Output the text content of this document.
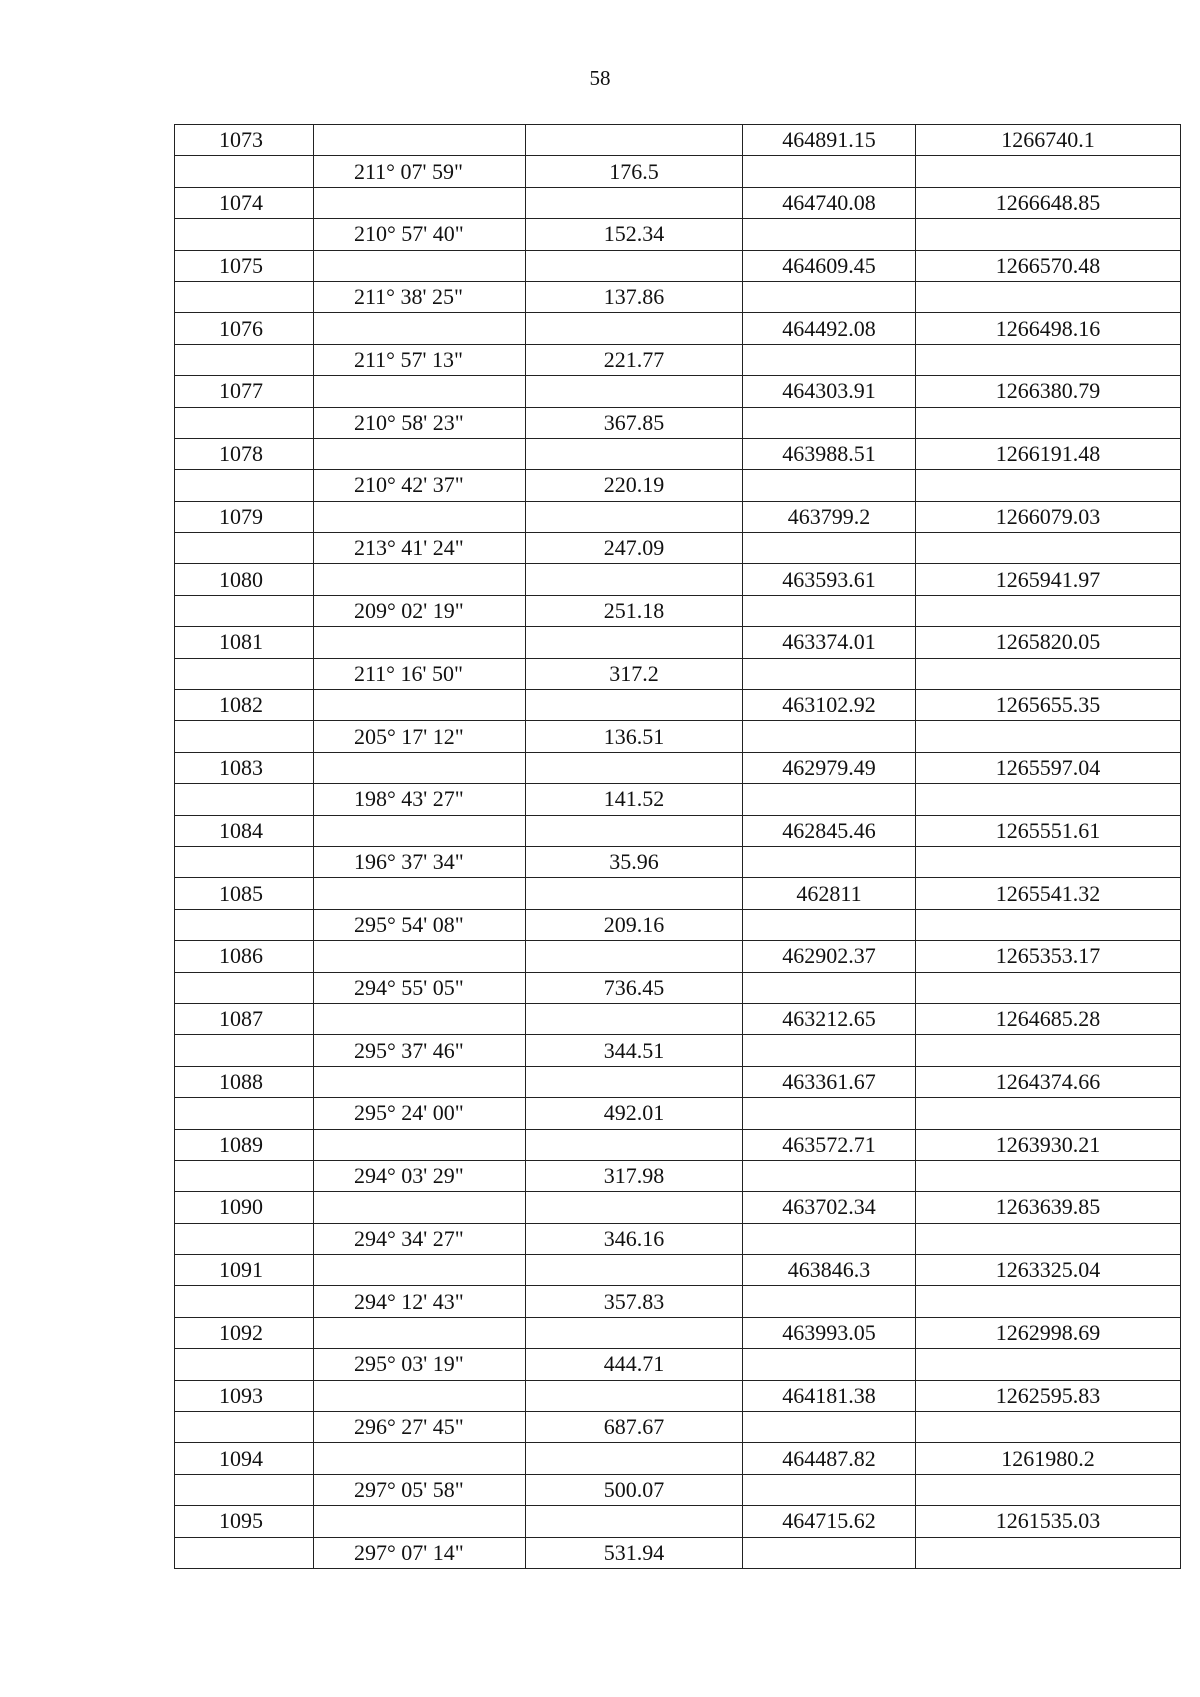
58
1073			464891.15	1266740.1
	211° 07' 59"	176.5		
1074			464740.08	1266648.85
	210° 57' 40"	152.34		
1075			464609.45	1266570.48
	211° 38' 25"	137.86		
1076			464492.08	1266498.16
	211° 57' 13"	221.77		
1077			464303.91	1266380.79
	210° 58' 23"	367.85		
1078			463988.51	1266191.48
	210° 42' 37"	220.19		
1079			463799.2	1266079.03
	213° 41' 24"	247.09		
1080			463593.61	1265941.97
	209° 02' 19"	251.18		
1081			463374.01	1265820.05
	211° 16' 50"	317.2		
1082			463102.92	1265655.35
	205° 17' 12"	136.51		
1083			462979.49	1265597.04
	198° 43' 27"	141.52		
1084			462845.46	1265551.61
	196° 37' 34"	35.96		
1085			462811	1265541.32
	295° 54' 08"	209.16		
1086			462902.37	1265353.17
	294° 55' 05"	736.45		
1087			463212.65	1264685.28
	295° 37' 46"	344.51		
1088			463361.67	1264374.66
	295° 24' 00"	492.01		
1089			463572.71	1263930.21
	294° 03' 29"	317.98		
1090			463702.34	1263639.85
	294° 34' 27"	346.16		
1091			463846.3	1263325.04
	294° 12' 43"	357.83		
1092			463993.05	1262998.69
	295° 03' 19"	444.71		
1093			464181.38	1262595.83
	296° 27' 45"	687.67		
1094			464487.82	1261980.2
	297° 05' 58"	500.07		
1095			464715.62	1261535.03
	297° 07' 14"	531.94		
